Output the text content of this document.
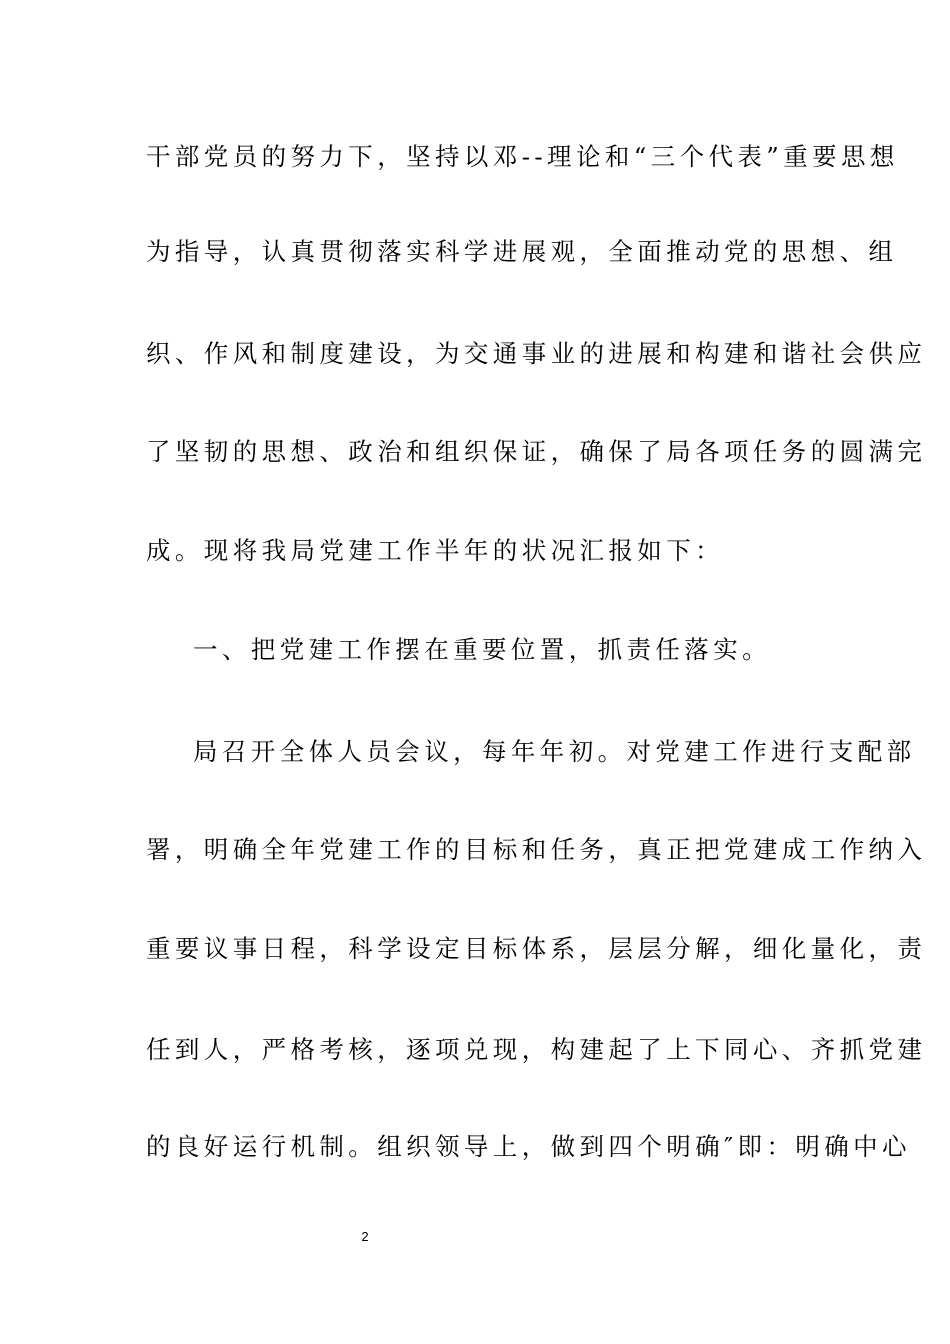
干部党员的努力下，坚持以邓--理论和“三个代表”重要思想
为指导，认真贯彻落实科学进展观，全面推动党的思想、组
织、作风和制度建设，为交通事业的进展和构建和谐社会供应
了坚韧的思想、政治和组织保证，确保了局各项任务的圆满完
成。现将我局党建工作半年的状况汇报如下：
一、把党建工作摆在重要位置，抓责任落实。
局召开全体人员会议，每年年初。对党建工作进行支配部
署，明确全年党建工作的目标和任务，真正把党建成工作纳入
重要议事日程，科学设定目标体系，层层分解，细化量化，责
任到人，严格考核，逐项兑现，构建起了上下同心、齐抓党建
的良好运行机制。组织领导上，做到四个明确″即：明确中心
2
